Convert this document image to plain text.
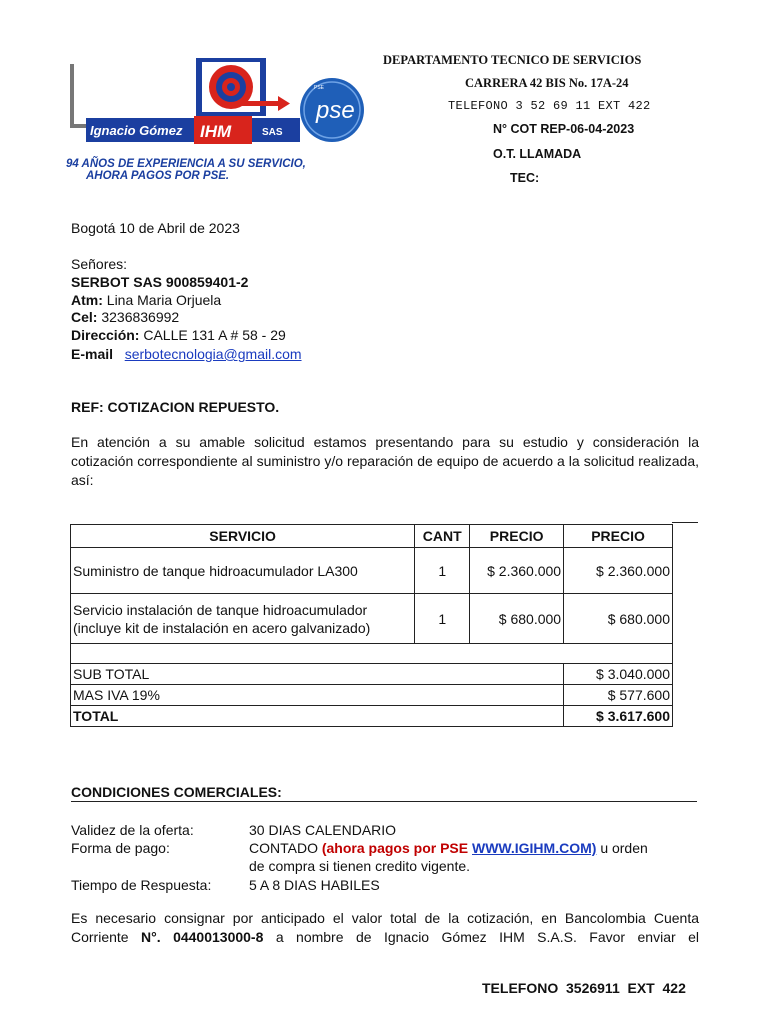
Ignacio Gómez IHM	SAS
pse
PSE
94 AÑOS DE EXPERIENCIA A SU SERVICIO,
AHORA PAGOS POR PSE.
DEPARTAMENTO TECNICO DE SERVICIOS
CARRERA 42 BIS No. 17A-24
TELEFONO 3 52 69 11 EXT 422
N° COT REP-06-04-2023
O.T. LLAMADA
TEC:
Bogotá 10 de Abril de 2023
Señores:
SERBOT SAS 900859401-2
Atm: Lina Maria Orjuela
Cel: 3236836992
Dirección: CALLE 131 A # 58 - 29
E-mail serbotecnologia@gmail.com
REF: COTIZACION REPUESTO.
En atención a su amable solicitud estamos presentando para su estudio y consideración la cotización correspondiente al suministro y/o reparación de equipo de acuerdo a la solicitud realizada, así:
SERVICIO	CANT	PRECIO	PRECIO
Suministro de tanque hidroacumulador LA300	1	$ 2.360.000	$ 2.360.000
Servicio instalación de tanque hidroacumulador (incluye kit de instalación en acero galvanizado)	1	$ 680.000	$ 680.000

SUB TOTAL			$ 3.040.000
MAS IVA 19%			$ 577.600
TOTAL			$ 3.617.600
CONDICIONES COMERCIALES:
Validez de la oferta:	30 DIAS CALENDARIO
Forma de pago:	CONTADO (ahora pagos por PSE WWW.IGIHM.COM) u orden
de compra si tienen credito vigente.
Tiempo de Respuesta:	5 A 8 DIAS HABILES
Es necesario consignar por anticipado el valor total de la cotización, en Bancolombia Cuenta Corriente N°. 0440013000-8 a nombre de Ignacio Gómez IHM S.A.S. Favor enviar el
TELEFONO  3526911  EXT  422
